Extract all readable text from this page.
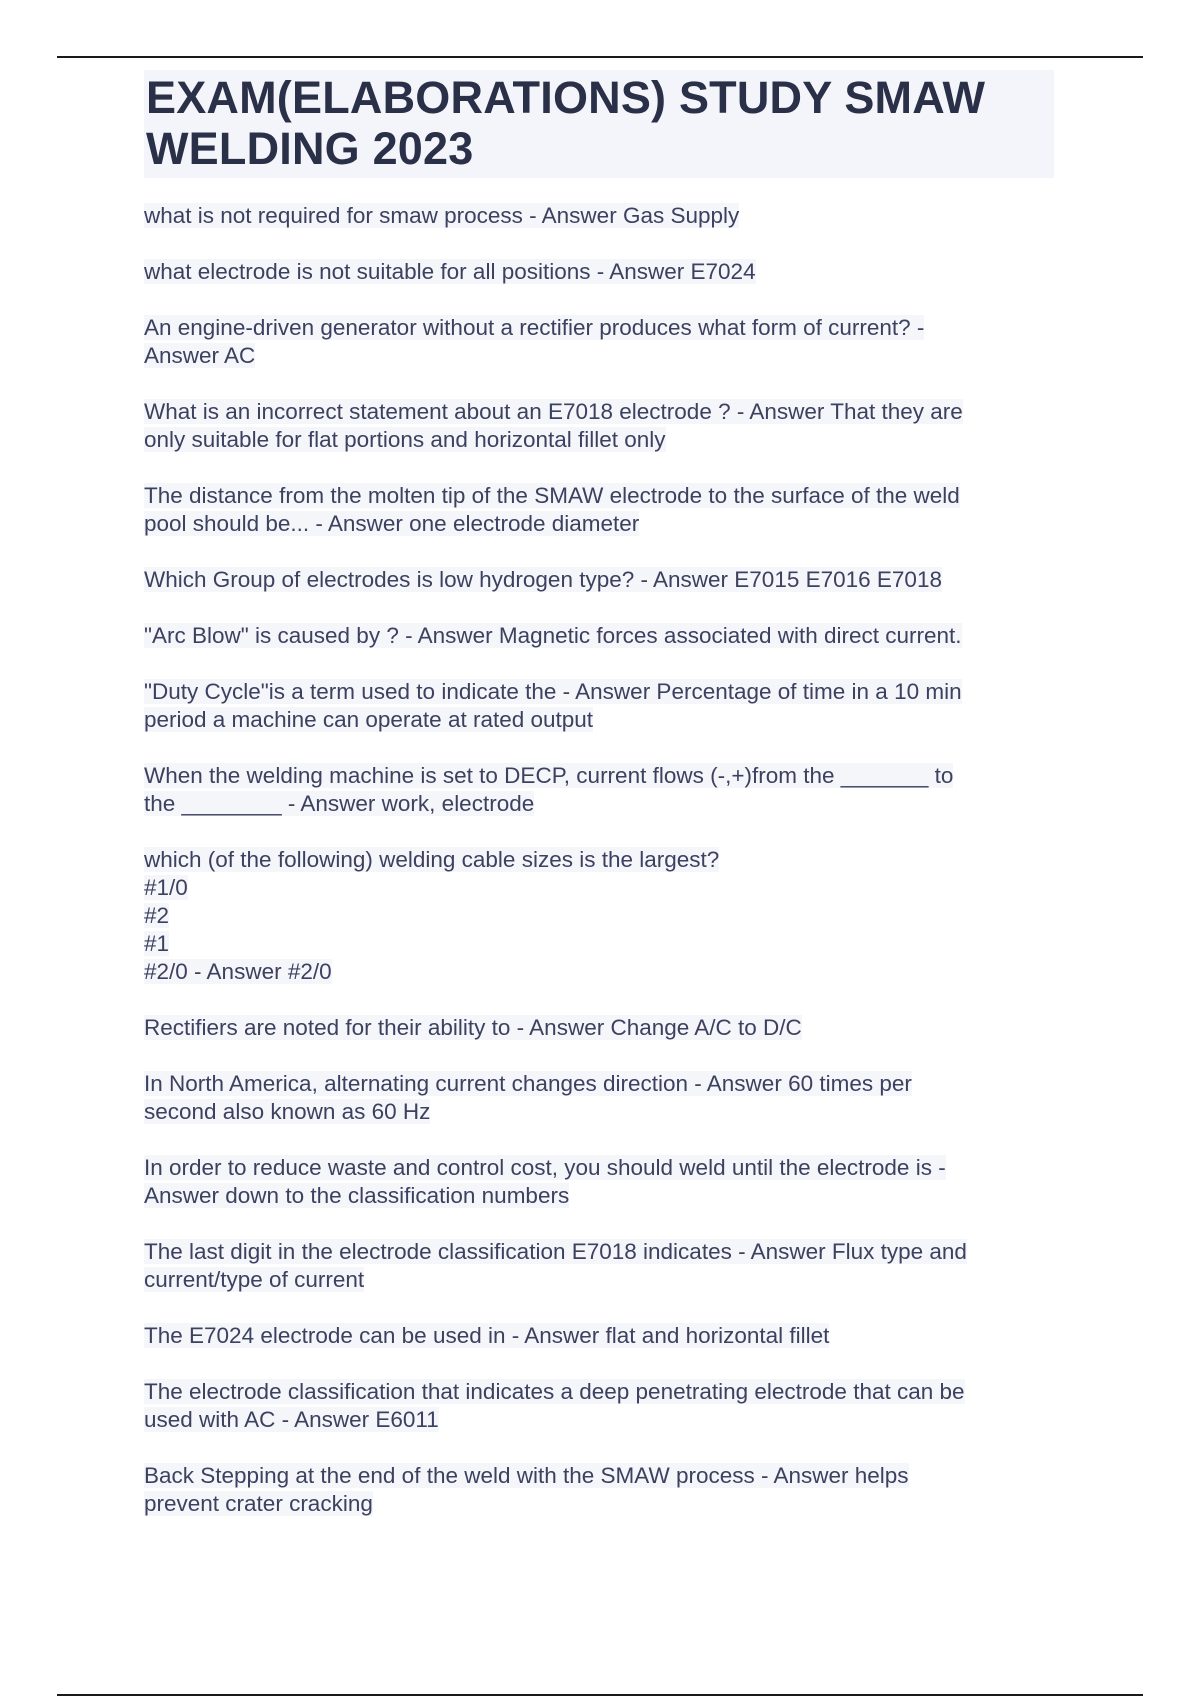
EXAM(ELABORATIONS) STUDY SMAW WELDING 2023
what is not required for smaw process - Answer Gas Supply
what electrode is not suitable for all positions - Answer E7024
An engine-driven generator without a rectifier produces what form of current? -
Answer AC
What is an incorrect statement about an E7018 electrode ? - Answer That they are
only suitable for flat portions and horizontal fillet only
The distance from the molten tip of the SMAW electrode to the surface of the weld
pool should be... - Answer one electrode diameter
Which Group of electrodes is low hydrogen type? - Answer E7015 E7016 E7018
"Arc Blow" is caused by ? - Answer Magnetic forces associated with direct current.
"Duty Cycle"is a term used to indicate the - Answer Percentage of time in a 10 min
period a machine can operate at rated output
When the welding machine is set to DECP, current flows (-,+)from the _______ to
the ________ - Answer work, electrode
which (of the following) welding cable sizes is the largest?
#1/0
#2
#1
#2/0 - Answer #2/0
Rectifiers are noted for their ability to - Answer Change A/C to D/C
In North America, alternating current changes direction - Answer 60 times per
second also known as 60 Hz
In order to reduce waste and control cost, you should weld until the electrode is -
Answer down to the classification numbers
The last digit in the electrode classification E7018 indicates - Answer Flux type and
current/type of current
The E7024 electrode can be used in - Answer flat and horizontal fillet
The electrode classification that indicates a deep penetrating electrode that can be
used with AC - Answer E6011
Back Stepping at the end of the weld with the SMAW process - Answer helps
prevent crater cracking
